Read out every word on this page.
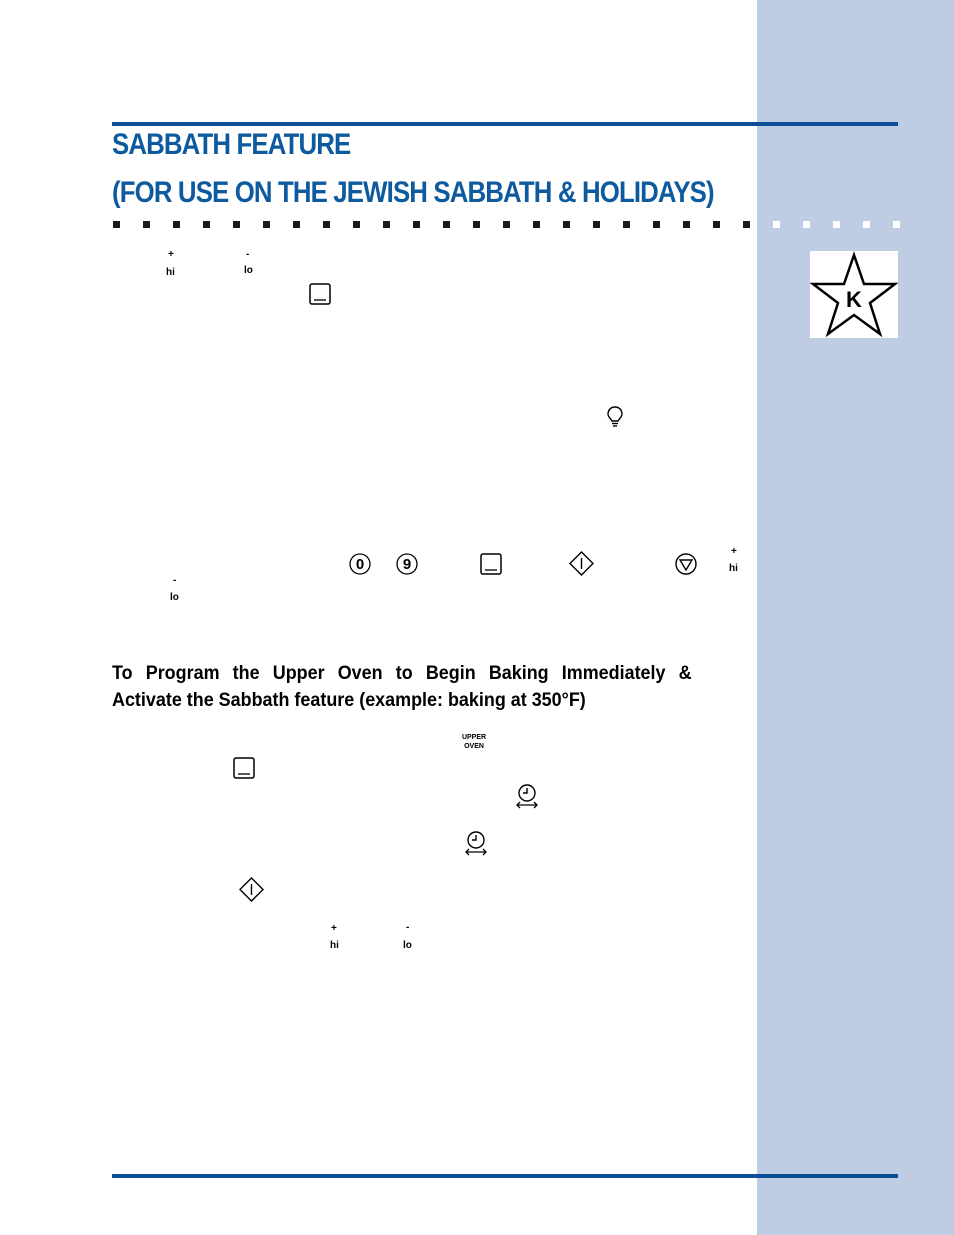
SABBATH FEATURE
(FOR USE ON THE JEWISH SABBATH & HOLIDAYS)
K
+
hi
-
lo
0	9
+
hi
-
lo

To Program the Upper Oven to Begin Baking Immediately & Activate the Sabbath feature (example: baking at 350°F)

UPPER
OVEN
+
hi
-
lo
